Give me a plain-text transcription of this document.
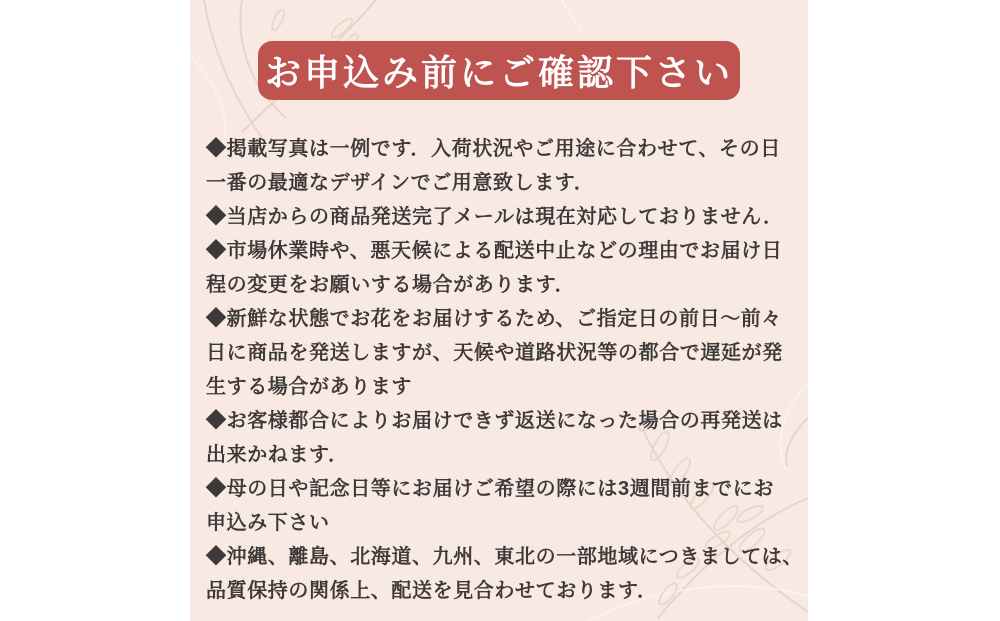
お申込み前にご確認下さい
◆掲載写真は一例です．入荷状況やご用途に合わせて、その日
一番の最適なデザインでご用意致します．
◆当店からの商品発送完了メールは現在対応しておりません．
◆市場休業時や、悪天候による配送中止などの理由でお届け日
程の変更をお願いする場合があります．
◆新鮮な状態でお花をお届けするため、ご指定日の前日～前々
日に商品を発送しますが、天候や道路状況等の都合で遅延が発
生する場合があります
◆お客様都合によりお届けできず返送になった場合の再発送は
出来かねます．
◆母の日や記念日等にお届けご希望の際には3週間前までにお
申込み下さい
◆沖縄、離島、北海道、九州、東北の一部地域につきましては、
品質保持の関係上、配送を見合わせております．
